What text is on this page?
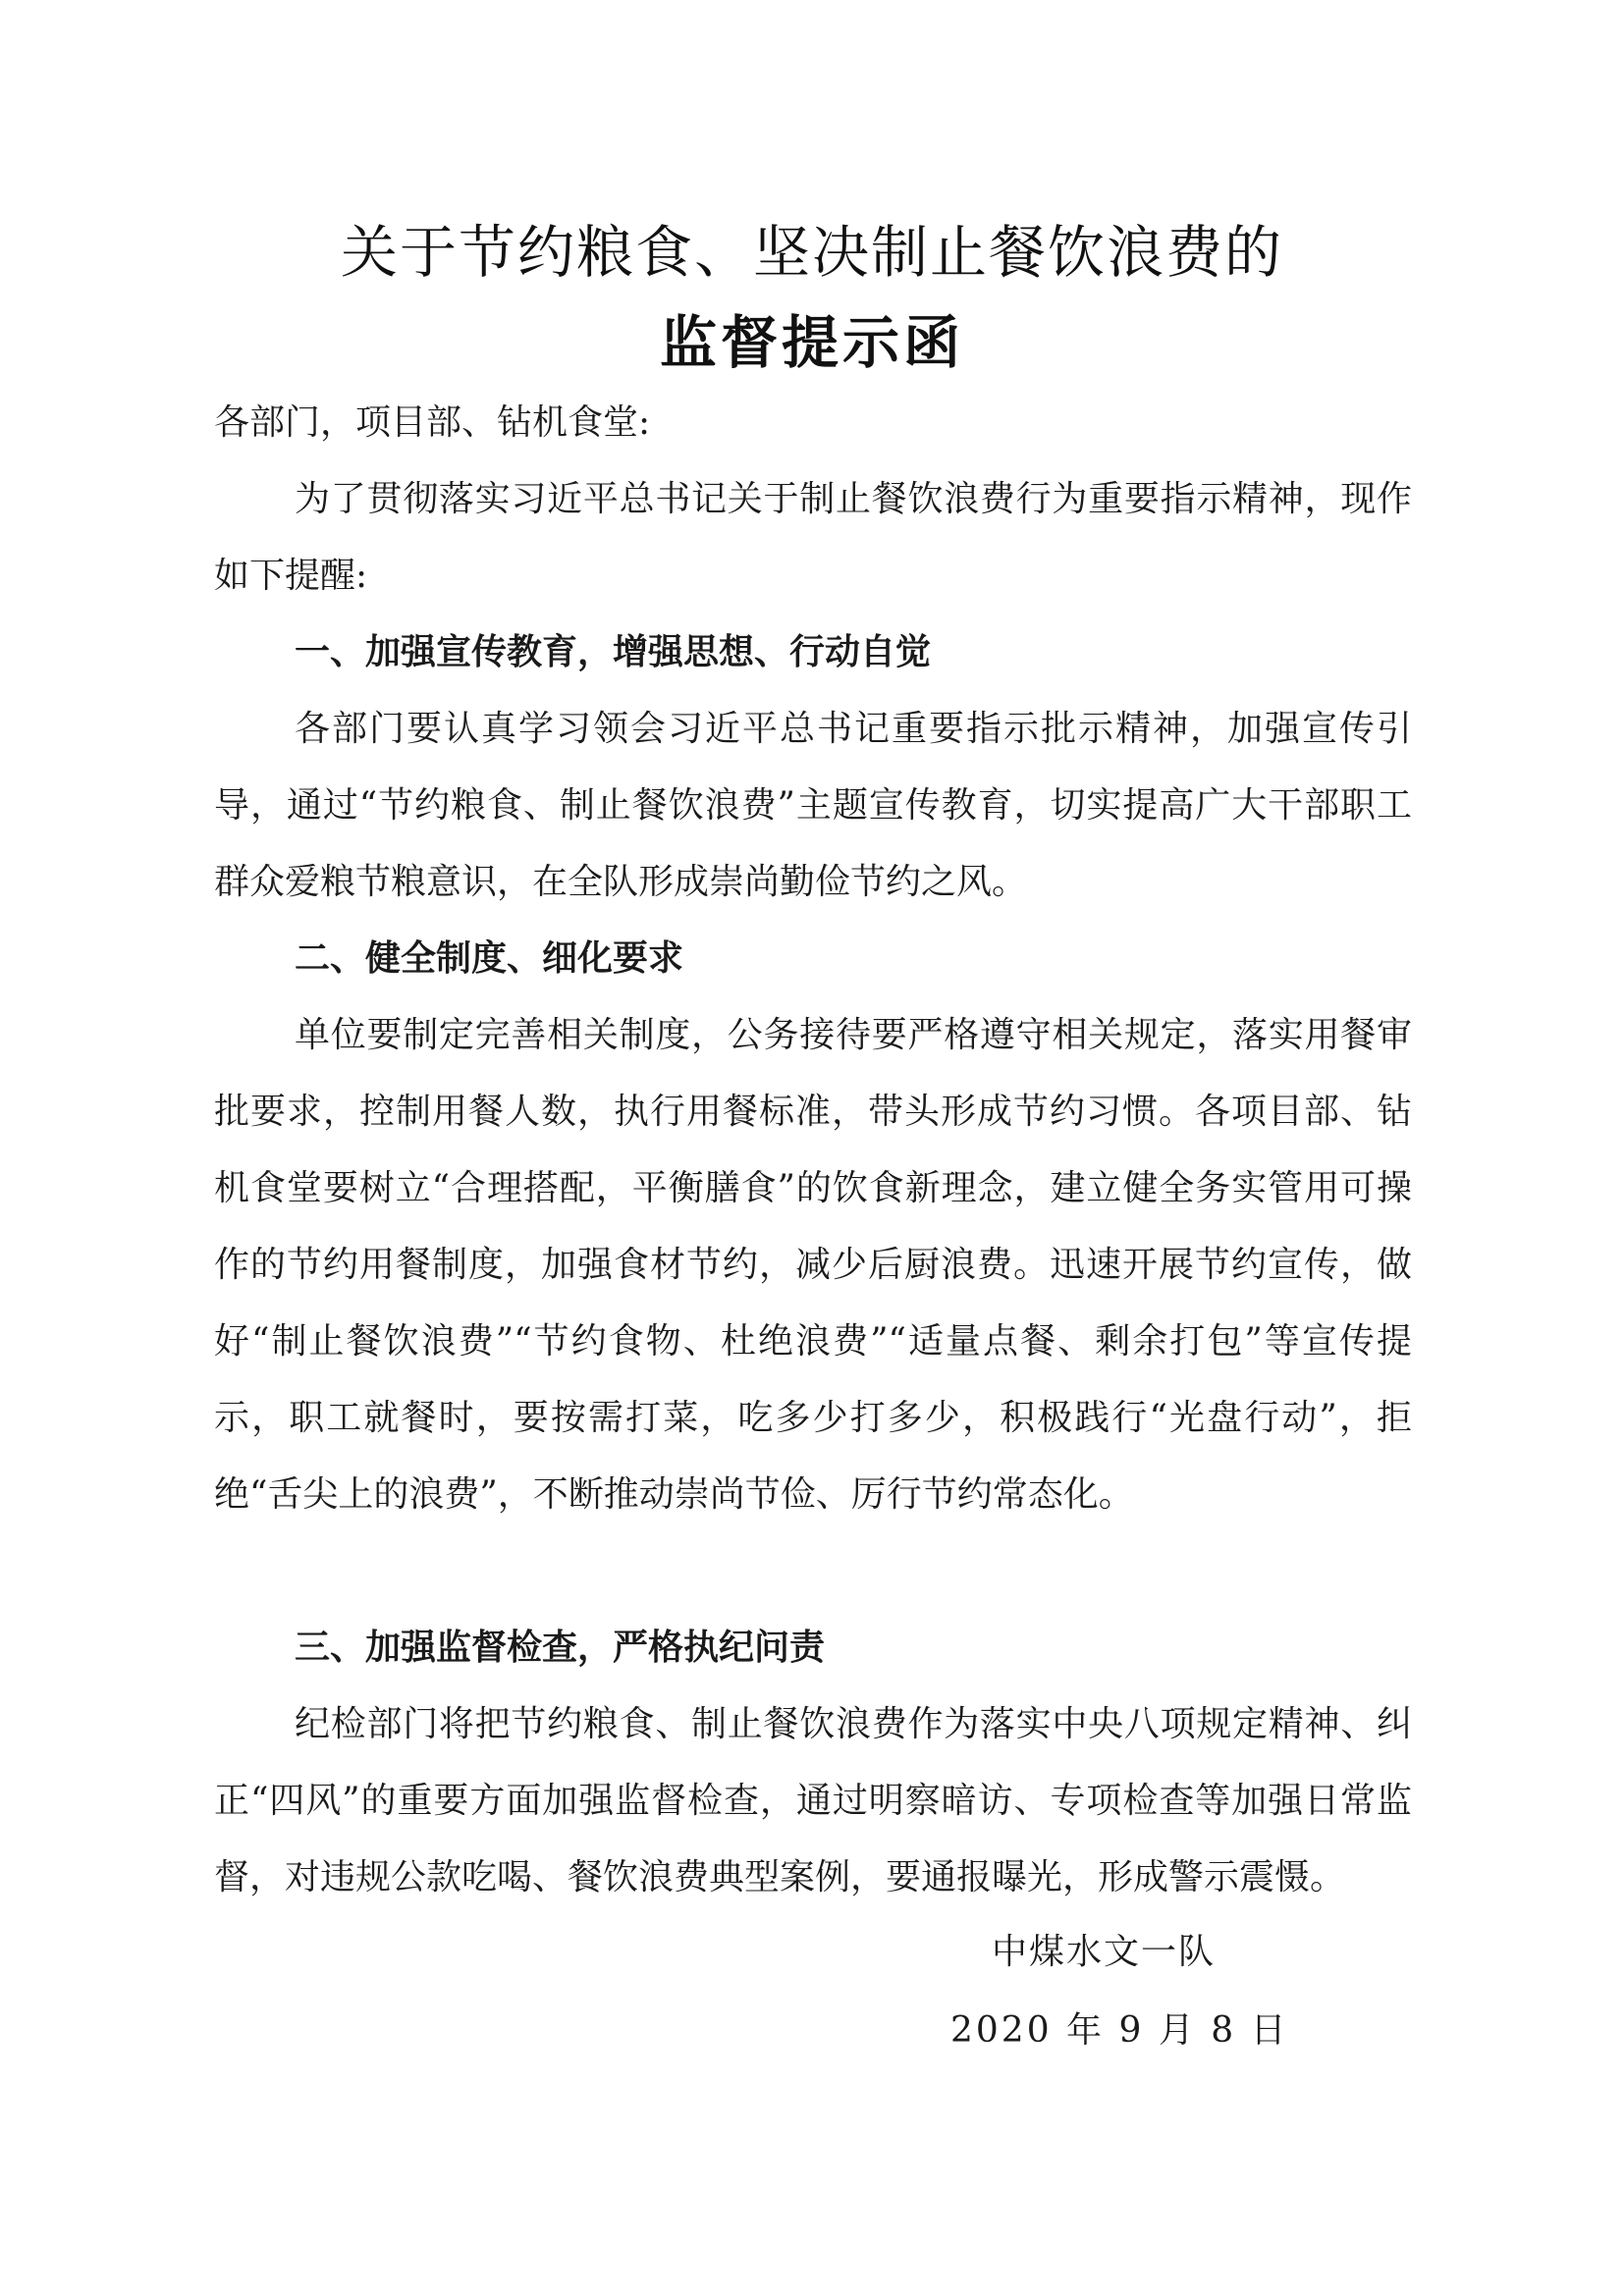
关于节约粮食、坚决制止餐饮浪费的
监督提示函
各部门，项目部、钻机食堂:
为了贯彻落实习近平总书记关于制止餐饮浪费行为重要指示精神，现作如下提醒:
一、加强宣传教育，增强思想、行动自觉
各部门要认真学习领会习近平总书记重要指示批示精神，加强宣传引导，通过“节约粮食、制止餐饮浪费”主题宣传教育，切实提高广大干部职工群众爱粮节粮意识，在全队形成崇尚勤俭节约之风。
二、健全制度、细化要求
单位要制定完善相关制度，公务接待要严格遵守相关规定，落实用餐审批要求，控制用餐人数，执行用餐标准，带头形成节约习惯。各项目部、钻机食堂要树立“合理搭配，平衡膳食”的饮食新理念，建立健全务实管用可操作的节约用餐制度，加强食材节约，减少后厨浪费。迅速开展节约宣传，做好“制止餐饮浪费”“节约食物、杜绝浪费”“适量点餐、剩余打包”等宣传提示，职工就餐时，要按需打菜，吃多少打多少，积极践行“光盘行动”，拒绝“舌尖上的浪费”，不断推动崇尚节俭、厉行节约常态化。
三、加强监督检查，严格执纪问责
纪检部门将把节约粮食、制止餐饮浪费作为落实中央八项规定精神、纠正“四风”的重要方面加强监督检查，通过明察暗访、专项检查等加强日常监督，对违规公款吃喝、餐饮浪费典型案例，要通报曝光，形成警示震慑。
中煤水文一队
2020 年 9 月 8 日
